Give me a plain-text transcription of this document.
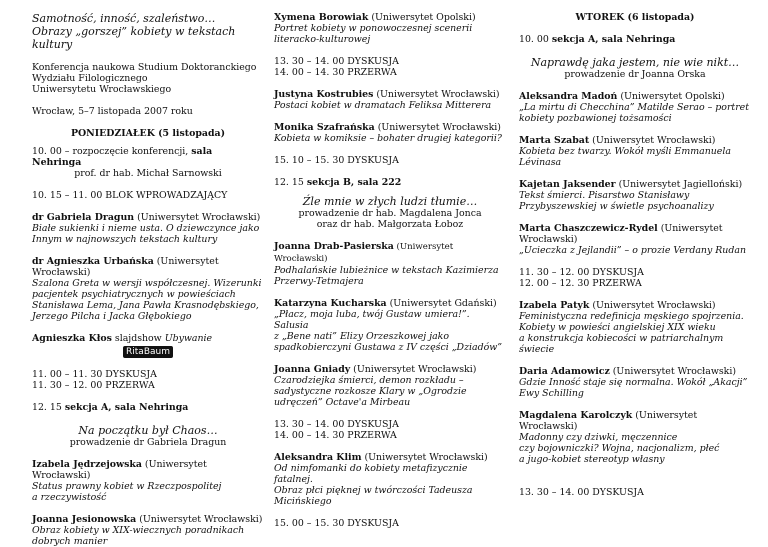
Samotność, inność, szaleństwo…
Obrazy „gorszej” kobiety w tekstach
kultury
Konferencja naukowa Studium Doktoranckiego
Wydziału Filologicznego
Uniwersytetu Wrocławskiego
Wrocław, 5–7 listopada 2007 roku
PONIEDZIAŁEK (5 listopada)
10. 00 – rozpoczęcie konferencji, sala Nehringa
prof. dr hab. Michał Sarnowski
10. 15 – 11. 00 BLOK WPROWADZAJĄCY
dr Gabriela Dragun (Uniwersytet Wrocławski)
Białe sukienki i nieme usta. O dziewczynce jako
Innym w najnowszych tekstach kultury
dr Agnieszka Urbańska (Uniwersytet
Wrocławski)
Szalona Greta w wersji współczesnej. Wizerunki
pacjentek psychiatrycznych w powieściach
Stanisława Lema, Jana Pawła Krasnodębskiego,
Jerzego Pilcha i Jacka Głębokiego
Agnieszka Kłos slajdshow Ubywanie
RitaBaum
11. 00 – 11. 30 DYSKUSJA
11. 30 – 12. 00 PRZERWA
12. 15 sekcja A, sala Nehringa
Na początku był Chaos…
prowadzenie dr Gabriela Dragun
Izabela Jędrzejowska (Uniwersytet Wrocławski)
Status prawny kobiet w Rzeczpospolitej
a rzeczywistość
Joanna Jesionowska (Uniwersytet Wrocławski)
Obraz kobiety w XIX-wiecznych poradnikach
dobrych manier
Xymena Borowiak (Uniwersytet Opolski)
Portret kobiety w ponowoczesnej scenerii
literacko-kulturowej
13. 30 – 14. 00 DYSKUSJA
14. 00 – 14. 30 PRZERWA
Justyna Kostrubies (Uniwersytet Wrocławski)
Postaci kobiet w dramatach Feliksa Mitterera
Monika Szafrańska (Uniwersytet Wrocławski)
Kobieta w komiksie – bohater drugiej kategorii?
15. 10 – 15. 30 DYSKUSJA
12. 15 sekcja B, sala 222
Źle mnie w złych ludzi tłumie…
prowadzenie dr hab. Magdalena Jonca
oraz dr hab. Małgorzata Łoboz
Joanna Drab-Pasierska (Uniwersytet Wrocławski)
Podhalańskie lubieżnice w tekstach Kazimierza
Przerwy-Tetmajera
Katarzyna Kucharska (Uniwersytet Gdański)
„Płacz, moja luba, twój Gustaw umiera!”. Salusia
z „Bene nati” Elizy Orzeszkowej jako
spadkobierczyni Gustawa z IV części „Dziadów”
Joanna Gniady (Uniwersytet Wrocławski)
Czarodziejka śmierci, demon rozkładu –
sadystyczne rozkosze Klary w „Ogrodzie
udręczeń” Octave'a Mirbeau
13. 30 – 14. 00 DYSKUSJA
14. 00 – 14. 30 PRZERWA
Aleksandra Klim (Uniwersytet Wrocławski)
Od nimfomanki do kobiety metafizycznie fatalnej.
Obraz płci pięknej w twórczości Tadeusza
Micińskiego
15. 00 – 15. 30 DYSKUSJA
WTOREK (6 listopada)
10. 00 sekcja A, sala Nehringa
Naprawdę jaka jestem, nie wie nikt…
prowadzenie dr Joanna Orska
Aleksandra Madoń (Uniwersytet Opolski)
„La mirtu di Checchina” Matilde Serao – portret
kobiety pozbawionej tożsamości
Marta Szabat (Uniwersytet Wrocławski)
Kobieta bez twarzy. Wokół myśli Emmanuela
Lévinasa
Kajetan Jaksender (Uniwersytet Jagielloński)
Tekst śmierci. Pisarstwo Stanisławy
Przybyszewskiej w świetle psychoanalizy
Marta Chaszczewicz-Rydel (Uniwersytet
Wrocławski)
„Ucieczka z Jejlandii” – o prozie Verdany Rudan
11. 30 – 12. 00 DYSKUSJA
12. 00 – 12. 30 PRZERWA
Izabela Patyk (Uniwersytet Wrocławski)
Feministyczna redefinicja męskiego spojrzenia.
Kobiety w powieści angielskiej XIX wieku
a konstrukcja kobiecości w patriarchalnym
świecie
Daria Adamowicz (Uniwersytet Wrocławski)
Gdzie Inność staje się normalna. Wokół „Akacji”
Ewy Schilling
Magdalena Karolczyk (Uniwersytet Wrocławski)
Madonny czy dziwki, męczennice
czy bojowniczki? Wojna, nacjonalizm, płeć
a jugo-kobiet stereotyp własny
13. 30 – 14. 00 DYSKUSJA
